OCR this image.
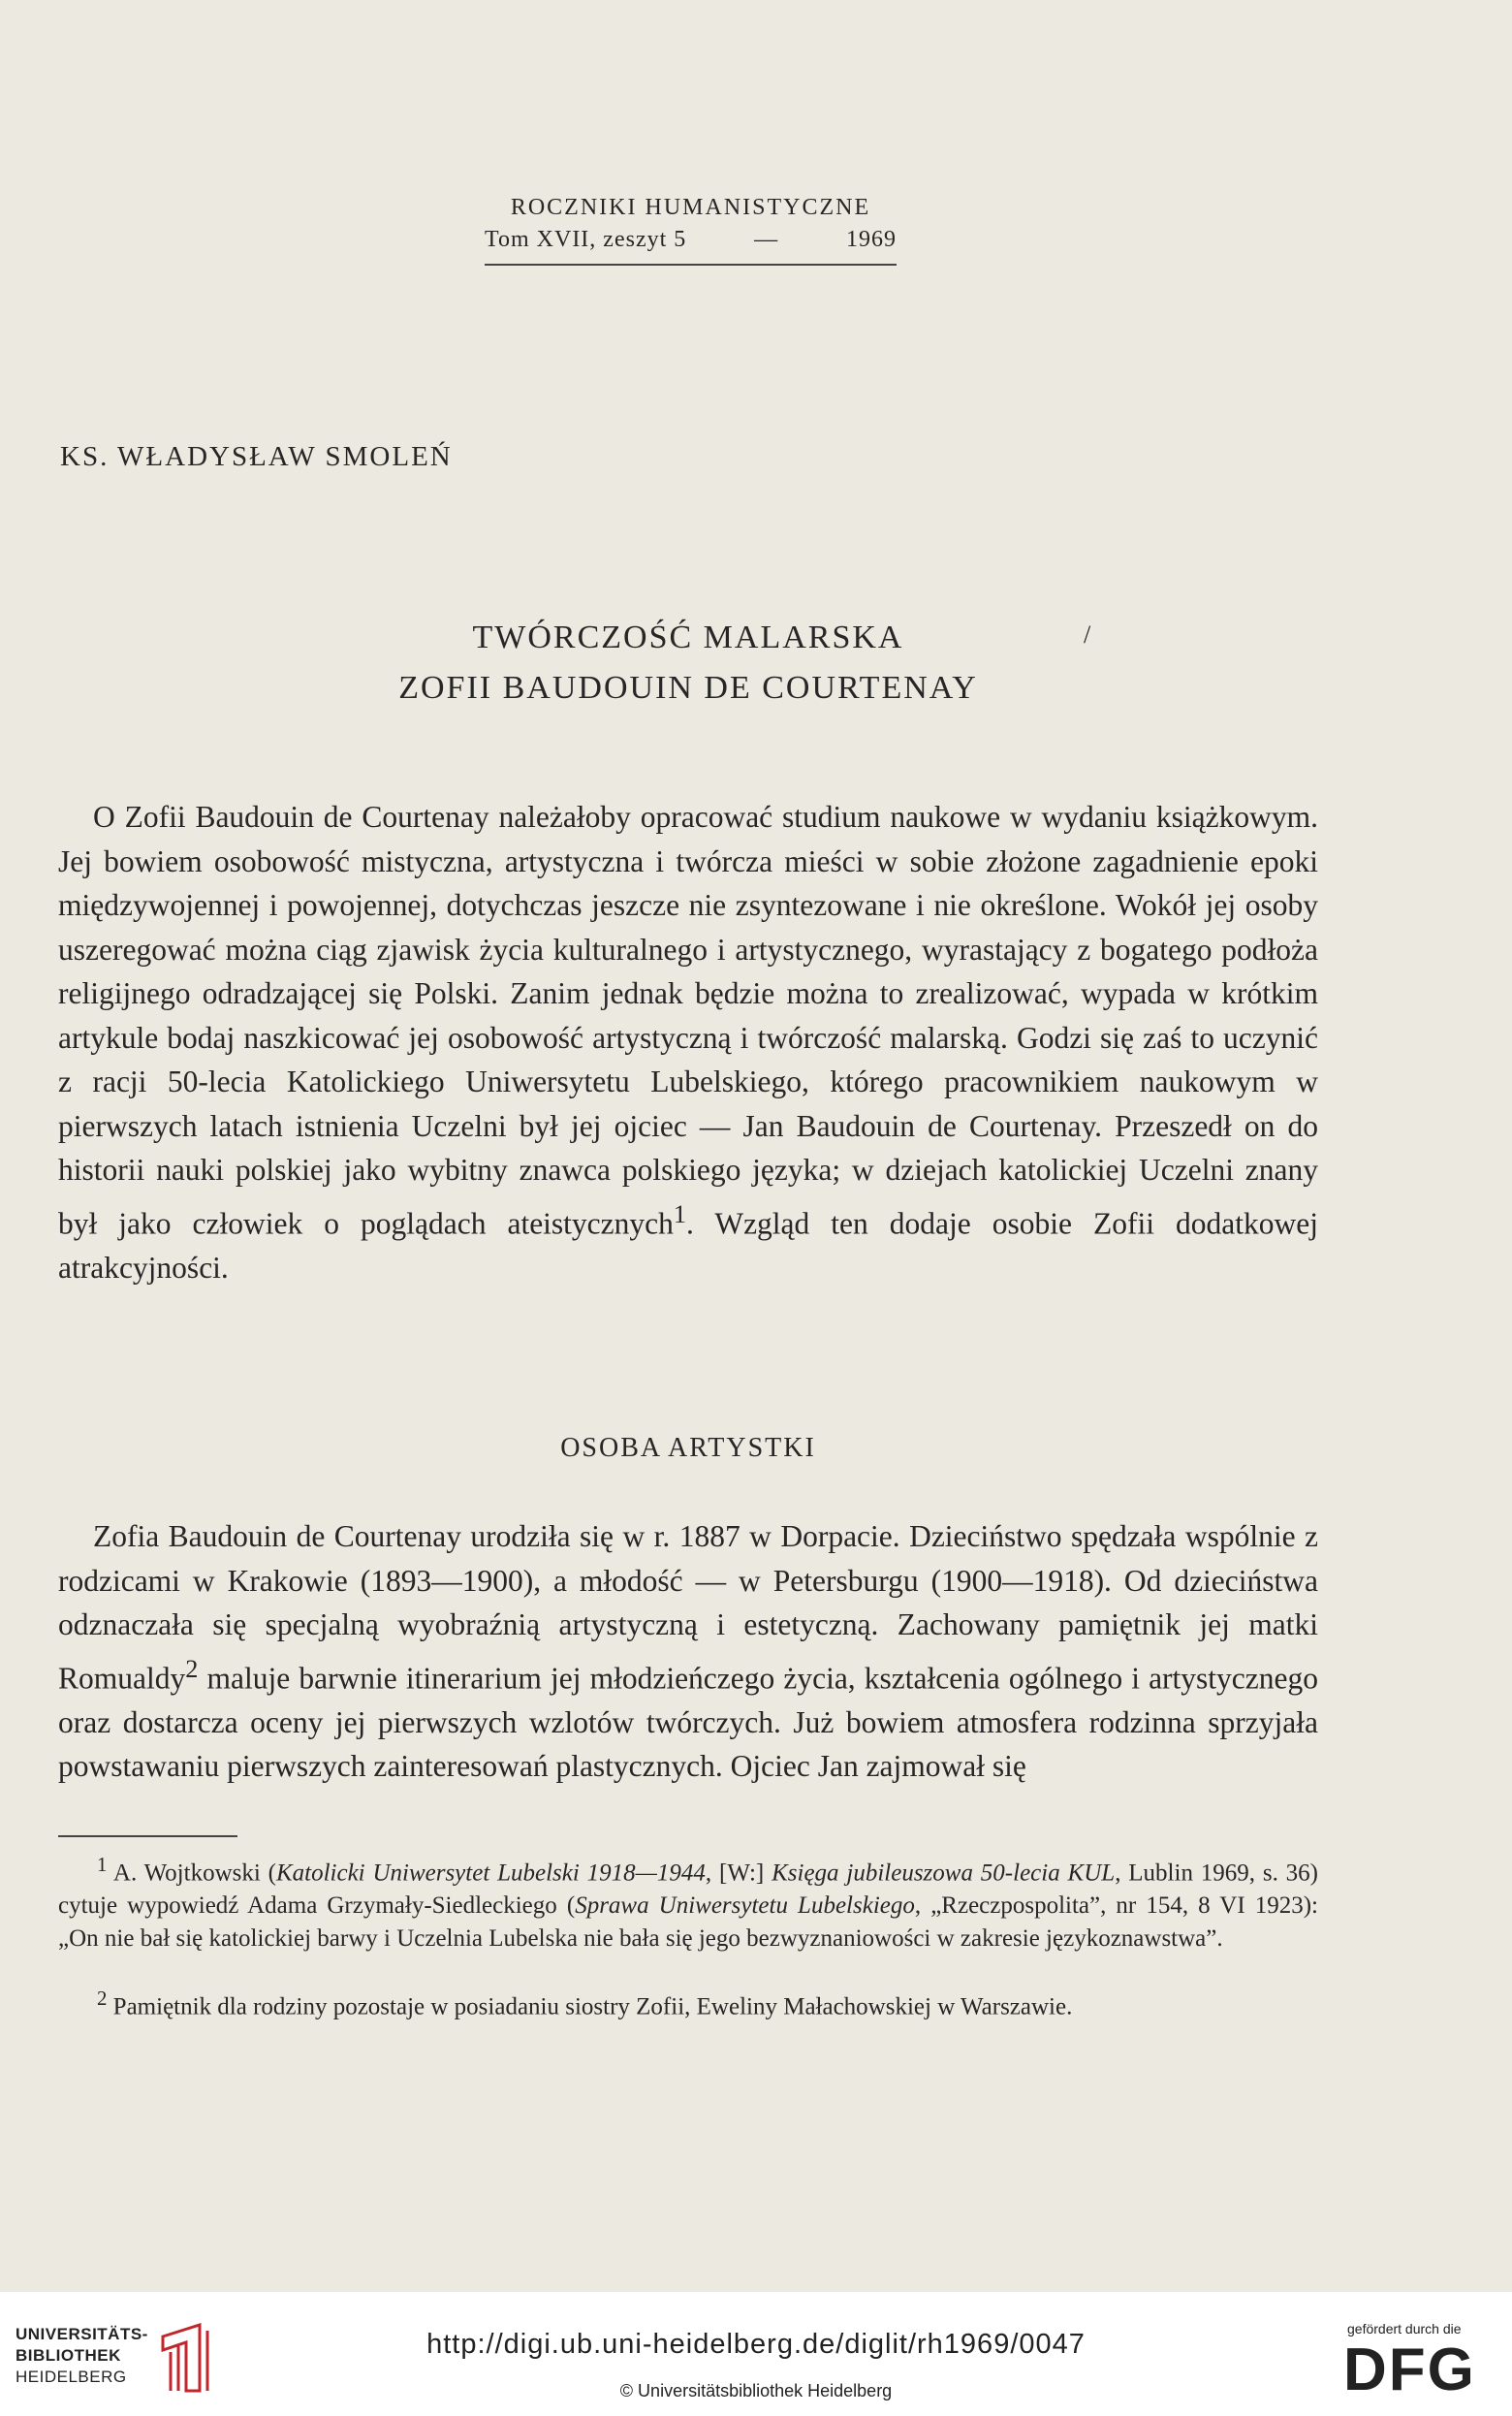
ROCZNIKI HUMANISTYCZNE
Tom XVII, zeszyt 5	—	1969
KS. WŁADYSŁAW SMOLEŃ
TWÓRCZOŚĆ MALARSKA
ZOFII BAUDOUIN DE COURTENAY
/

O Zofii Baudouin de Courtenay należałoby opracować studium naukowe w wydaniu książkowym. Jej bowiem osobowość mistyczna, artystyczna i twórcza mieści w sobie złożone zagadnienie epoki międzywojennej i powojennej, dotychczas jeszcze nie zsyntezowane i nie określone. Wokół jej osoby uszeregować można ciąg zjawisk życia kulturalnego i artystycznego, wyrastający z bogatego podłoża religijnego odradzającej się Polski. Zanim jednak będzie można to zrealizować, wypada w krótkim artykule bodaj naszkicować jej osobowość artystyczną i twórczość malarską. Godzi się zaś to uczynić z racji 50-lecia Katolickiego Uniwersytetu Lubelskiego, którego pracownikiem naukowym w pierwszych latach istnienia Uczelni był jej ojciec — Jan Baudouin de Courtenay. Przeszedł on do historii nauki polskiej jako wybitny znawca polskiego języka; w dziejach katolickiej Uczelni znany był jako człowiek o poglądach ateistycznych$^1$. Wzgląd ten dodaje osobie Zofii dodatkowej atrakcyjności.

OSOBA ARTYSTKI

Zofia Baudouin de Courtenay urodziła się w r. 1887 w Dorpacie. Dzieciństwo spędzała wspólnie z rodzicami w Krakowie (1893—1900), a młodość — w Petersburgu (1900—1918). Od dzieciństwa odznaczała się specjalną wyobraźnią artystyczną i estetyczną. Zachowany pamiętnik jej matki Romualdy$^2$ maluje barwnie itinerarium jej młodzieńczego życia, kształcenia ogólnego i artystycznego oraz dostarcza oceny jej pierwszych wzlotów twórczych. Już bowiem atmosfera rodzinna sprzyjała powstawaniu pierwszych zainteresowań plastycznych. Ojciec Jan zajmował się

$^1$ A. Wojtkowski (Katolicki Uniwersytet Lubelski 1918—1944, [W:] Księga jubileuszowa 50-lecia KUL, Lublin 1969, s. 36) cytuje wypowiedź Adama Grzymały-Siedleckiego (Sprawa Uniwersytetu Lubelskiego, „Rzeczpospolita”, nr 154, 8 VI 1923): „On nie bał się katolickiej barwy i Uczelnia Lubelska nie bała się jego bezwyznaniowości w zakresie językoznawstwa”.

$^2$ Pamiętnik dla rodziny pozostaje w posiadaniu siostry Zofii, Eweliny Małachowskiej w Warszawie.

UNIVERSITÄTS-
BIBLIOTHEK
HEIDELBERG
http://digi.ub.uni-heidelberg.de/diglit/rh1969/0047
© Universitätsbibliothek Heidelberg
gefördert durch die
DFG
